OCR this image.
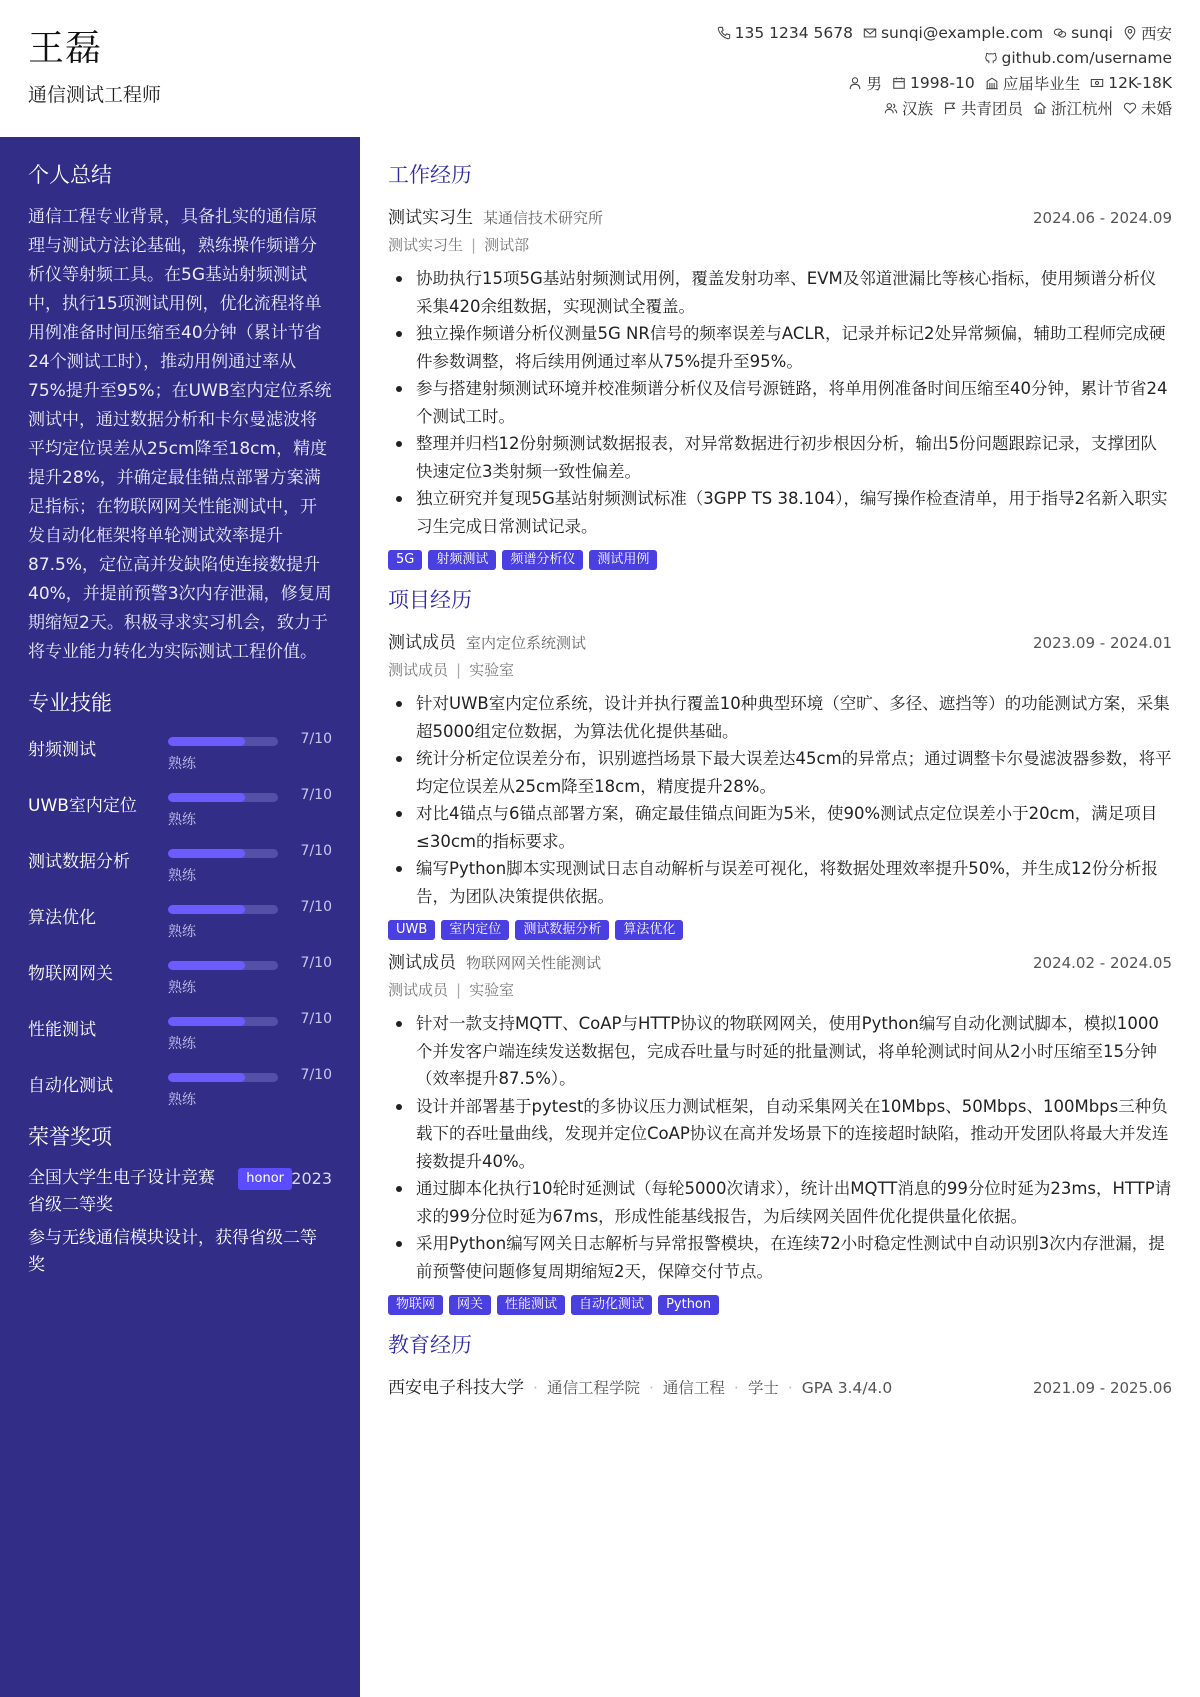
王磊
通信测试工程师
135 1234 5678 sunqi@example.com sunqi 西安
github.com/username
男 1998-10 应届毕业生 12K-18K
汉族 共青团员 浙江杭州 未婚
个人总结
通信工程专业背景，具备扎实的通信原理与测试方法论基础，熟练操作频谱分析仪等射频工具。在5G基站射频测试中，执行15项测试用例，优化流程将单用例准备时间压缩至40分钟（累计节省24个测试工时），推动用例通过率从75%提升至95%；在UWB室内定位系统测试中，通过数据分析和卡尔曼滤波将平均定位误差从25cm降至18cm，精度提升28%，并确定最佳锚点部署方案满足指标；在物联网网关性能测试中，开发自动化框架将单轮测试效率提升87.5%，定位高并发缺陷使连接数提升40%，并提前预警3次内存泄漏，修复周期缩短2天。积极寻求实习机会，致力于将专业能力转化为实际测试工程价值。
专业技能
射频测试
7/10
熟练
UWB室内定位
7/10
熟练
测试数据分析
7/10
熟练
算法优化
7/10
熟练
物联网网关
7/10
熟练
性能测试
7/10
熟练
自动化测试
7/10
熟练
荣誉奖项
全国大学生电子设计竞赛省级二等奖
honor 2023
参与无线通信模块设计，获得省级二等奖
工作经历
测试实习生 某通信技术研究所	2024.06 - 2024.09
测试实习生 | 测试部
协助执行15项5G基站射频测试用例，覆盖发射功率、EVM及邻道泄漏比等核心指标，使用频谱分析仪采集420余组数据，实现测试全覆盖。
独立操作频谱分析仪测量5G NR信号的频率误差与ACLR，记录并标记2处异常频偏，辅助工程师完成硬件参数调整，将后续用例通过率从75%提升至95%。
参与搭建射频测试环境并校准频谱分析仪及信号源链路，将单用例准备时间压缩至40分钟，累计节省24个测试工时。
整理并归档12份射频测试数据报表，对异常数据进行初步根因分析，输出5份问题跟踪记录，支撑团队快速定位3类射频一致性偏差。
独立研究并复现5G基站射频测试标准（3GPP TS 38.104），编写操作检查清单，用于指导2名新入职实习生完成日常测试记录。
5G	射频测试	频谱分析仪	测试用例
项目经历
测试成员 室内定位系统测试	2023.09 - 2024.01
测试成员 | 实验室
针对UWB室内定位系统，设计并执行覆盖10种典型环境（空旷、多径、遮挡等）的功能测试方案，采集超5000组定位数据，为算法优化提供基础。
统计分析定位误差分布，识别遮挡场景下最大误差达45cm的异常点；通过调整卡尔曼滤波器参数，将平均定位误差从25cm降至18cm，精度提升28%。
对比4锚点与6锚点部署方案，确定最佳锚点间距为5米，使90%测试点定位误差小于20cm，满足项目≤30cm的指标要求。
编写Python脚本实现测试日志自动解析与误差可视化，将数据处理效率提升50%，并生成12份分析报告，为团队决策提供依据。
UWB	室内定位	测试数据分析	算法优化
测试成员 物联网网关性能测试	2024.02 - 2024.05
测试成员 | 实验室
针对一款支持MQTT、CoAP与HTTP协议的物联网网关，使用Python编写自动化测试脚本，模拟1000个并发客户端连续发送数据包，完成吞吐量与时延的批量测试，将单轮测试时间从2小时压缩至15分钟（效率提升87.5%）。
设计并部署基于pytest的多协议压力测试框架，自动采集网关在10Mbps、50Mbps、100Mbps三种负载下的吞吐量曲线，发现并定位CoAP协议在高并发场景下的连接超时缺陷，推动开发团队将最大并发连接数提升40%。
通过脚本化执行10轮时延测试（每轮5000次请求），统计出MQTT消息的99分位时延为23ms，HTTP请求的99分位时延为67ms，形成性能基线报告，为后续网关固件优化提供量化依据。
采用Python编写网关日志解析与异常报警模块，在连续72小时稳定性测试中自动识别3次内存泄漏，提前预警使问题修复周期缩短2天，保障交付节点。
物联网	网关	性能测试	自动化测试	Python
教育经历
西安电子科技大学 · 通信工程学院 · 通信工程 · 学士 · GPA 3.4/4.0	2021.09 - 2025.06
